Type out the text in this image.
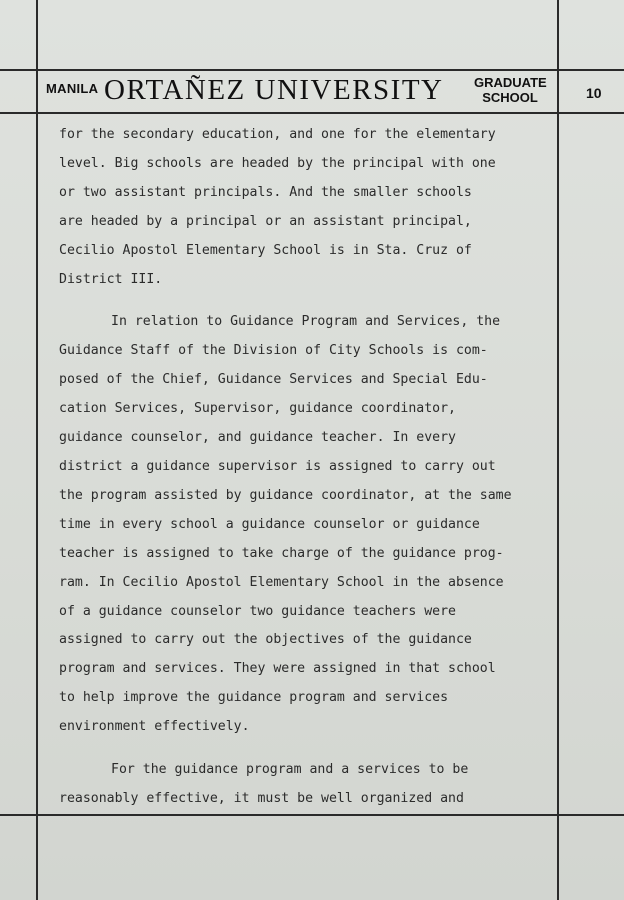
MANILA ORTAÑEZ UNIVERSITY GRADUATE
SCHOOL	10

for the secondary education, and one for the elementary
level. Big schools are headed by the principal with one
or two assistant principals. And the smaller schools
are headed by a principal or an assistant principal,
Cecilio Apostol Elementary School is in Sta. Cruz of
District III.

In relation to Guidance Program and Services, the
Guidance Staff of the Division of City Schools is com-
posed of the Chief, Guidance Services and Special Edu-
cation Services, Supervisor, guidance coordinator,
guidance counselor, and guidance teacher. In every
district a guidance supervisor is assigned to carry out
the program assisted by guidance coordinator, at the same
time in every school a guidance counselor or guidance
teacher is assigned to take charge of the guidance prog-
ram. In Cecilio Apostol Elementary School in the absence
of a guidance counselor two guidance teachers were
assigned to carry out the objectives of the guidance
program and services. They were assigned in that school
to help improve the guidance program and services
environment effectively.

For the guidance program and a services to be
reasonably effective, it must be well organized and
